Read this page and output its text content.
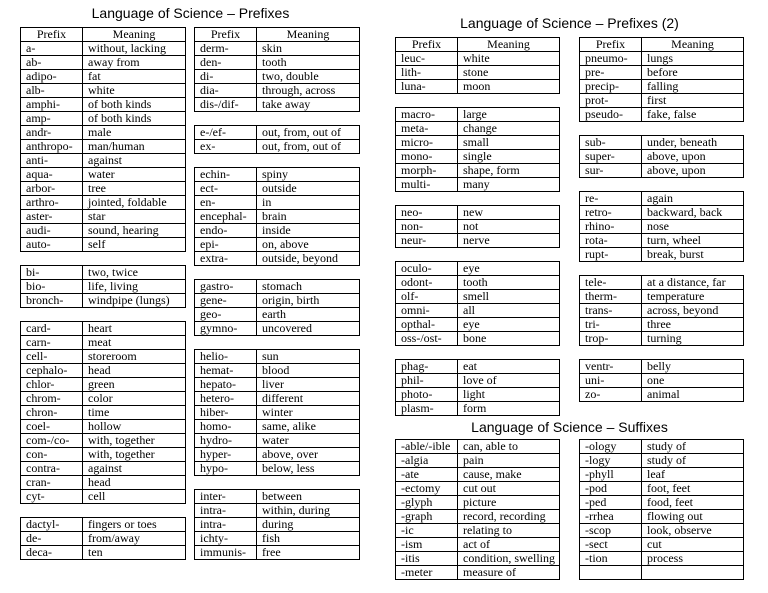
Language of Science – Prefixes
Prefix	Meaning
a-	without, lacking
ab-	away from
adipo-	fat
alb-	white
amphi-	of both kinds
amp-	of both kinds
andr-	male
anthropo-	man/human
anti-	against
aqua-	water
arbor-	tree
arthro-	jointed, foldable
aster-	star
audi-	sound, hearing
auto-	self
bi-	two, twice
bio-	life, living
bronch-	windpipe (lungs)
card-	heart
carn-	meat
cell-	storeroom
cephalo-	head
chlor-	green
chrom-	color
chron-	time
coel-	hollow
com-/co-	with, together
con-	with, together
contra-	against
cran-	head
cyt-	cell
dactyl-	fingers or toes
de-	from/away
deca-	ten
Prefix	Meaning
derm-	skin
den-	tooth
di-	two, double
dia-	through, across
dis-/dif-	take away
e-/ef-	out, from, out of
ex-	out, from, out of
echin-	spiny
ect-	outside
en-	in
encephal-	brain
endo-	inside
epi-	on, above
extra-	outside, beyond
gastro-	stomach
gene-	origin, birth
geo-	earth
gymno-	uncovered
helio-	sun
hemat-	blood
hepato-	liver
hetero-	different
hiber-	winter
homo-	same, alike
hydro-	water
hyper-	above, over
hypo-	below, less
inter-	between
intra-	within, during
intra-	during
ichty-	fish
immunis-	free
Language of Science – Prefixes (2)
Prefix	Meaning
leuc-	white
lith-	stone
luna-	moon
macro-	large
meta-	change
micro-	small
mono-	single
morph-	shape, form
multi-	many
neo-	new
non-	not
neur-	nerve
oculo-	eye
odont-	tooth
olf-	smell
omni-	all
opthal-	eye
oss-/ost-	bone
phag-	eat
phil-	love of
photo-	light
plasm-	form
Prefix	Meaning
pneumo-	lungs
pre-	before
precip-	falling
prot-	first
pseudo-	fake, false
sub-	under, beneath
super-	above, upon
sur-	above, upon
re-	again
retro-	backward, back
rhino-	nose
rota-	turn, wheel
rupt-	break, burst
tele-	at a distance, far
therm-	temperature
trans-	across, beyond
tri-	three
trop-	turning
ventr-	belly
uni-	one
zo-	animal
Language of Science – Suffixes
-able/-ible	can, able to
-algia	pain
-ate	cause, make
-ectomy	cut out
-glyph	picture
-graph	record, recording
-ic	relating to
-ism	act of
-itis	condition, swelling
-meter	measure of
-ology	study of
-logy	study of
-phyll	leaf
-pod	foot, feet
-ped	food, feet
-rrhea	flowing out
-scop	look, observe
-sect	cut
-tion	process
